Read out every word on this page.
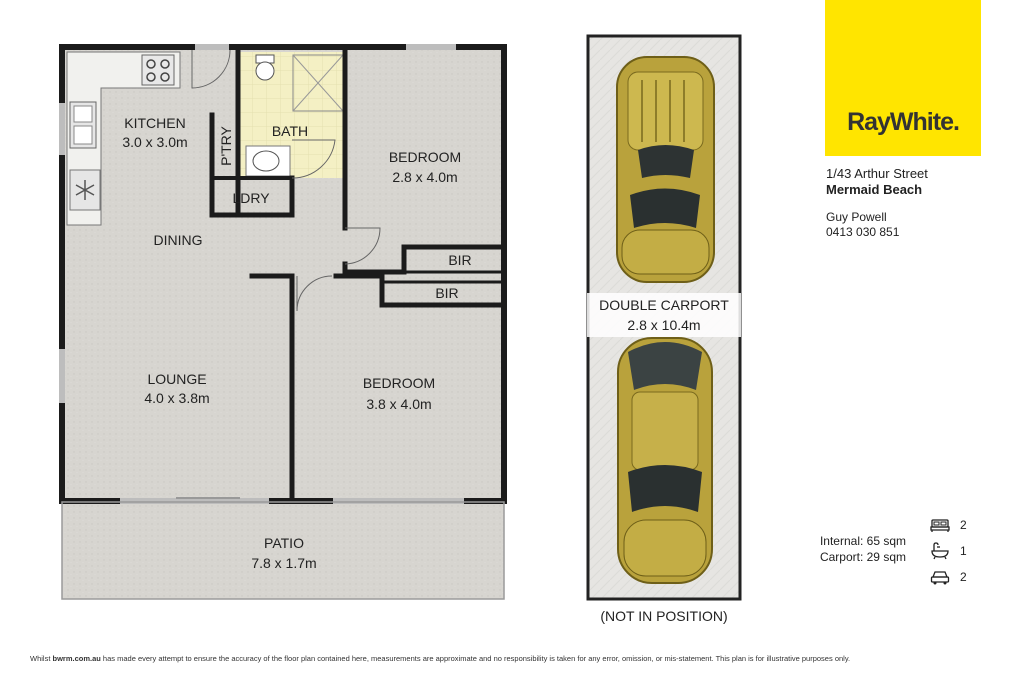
KITCHEN
3.0 x 3.0m P'TRY	BATH
LDRY
BEDROOM
2.8 x 4.0m
BIR
BIR
DINING
LOUNGE
4.0 x 3.8m
BEDROOM
3.8 x 4.0m
PATIO
7.8 x 1.7m
DOUBLE CARPORT
2.8 x 10.4m
(NOT IN POSITION)
RayWhite.
1/43 Arthur Street
Mermaid Beach
Guy Powell
0413 030 851
Internal: 65 sqm
Carport: 29 sqm
2
1
2
Whilst bwrm.com.au has made every attempt to ensure the accuracy of the floor plan contained here, measurements are approximate and no responsibility is taken for any error, omission, or mis-statement. This plan is for illustrative purposes only.
